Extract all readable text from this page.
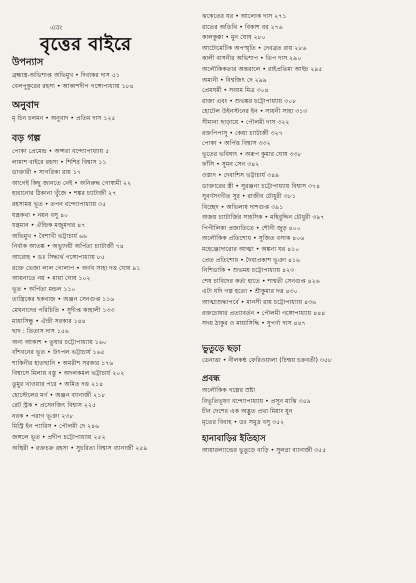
এবং
বৃত্তের বাইরে

উপন্যাস

ব্রহ্মাস্ত্র-অভিশাপ্ত অভিমুখ • দিবাকর দাস ৫১

বেলপুকুরের রহস্য • আকাশদীপ গঙ্গোপাধ্যায় ১৮৪

অনুবাদ

মৃ চিন চলমন • অনুবাদ • প্রতিম দাস ১২৫

বড় গল্প

পোকা প্রেমেন্দ্র • অপ্সরা বন্দ্যোপাধ্যায় ৫

লামাশ বাইরে রহস্য • শিশির বিশ্বাস ১১

ডাক্তারী • সাগরিকা রায় ১৭

আগেই কিছু জানতে নেই • অনিরুদ্ধ গোস্বামী ২২

হারানোর ঠিকানা খুঁজে • শঙ্কর চ্যাটার্জী ২৭

রহস্যময় ভূত • তপন বন্দ্যোপাধ্যায় ৩৫

যন্ত্রকথা • নয়ন বসু ৪০

যন্ত্রমান • ঐন্দ্রিক মজুমদার ৪৭

অভিমুখ • বৈশাখী ভট্টাচার্য ৬৬

নির্বাক আতঙ্ক • অভ্যুদয়ী অর্পিতা চ্যাটার্জী ৭৪

আরোহ • ডঃ সিদ্ধার্থ গঙ্গোপাধ্যায় ৮৫

রক্তে ভেজা লাল গোলাপ • অর্ণব সাহা দত্ত ঘোষ ৯১

আয়নাতে নয় • মায়া ঘোষ ১০২

ভূত • অর্পিতা মন্ডল ১১০

তান্ত্রিকের ছকবাজ • অঞ্জন সেনগুপ্ত ১১৬

মেঘনাদের পরিচিতি • সুদীপ্ত কাহালী ১৩৩

মায়াসিন্ধু • ঐন্দ্রী সরকার ১৪৪

ছাদ : তিতাস দাস ১৫৬

অন্য আকাশ • তুষার চট্টোপাধ্যায় ১৬০

বাঁশবনের ভূত • উৎপল ভট্টাচার্য ১৬৫

শাকিনীর হাতছানি • অমরীশ সরকার ১৭৬

বিশ্বাসে মিলায় বস্তু • অদলকমল ভট্টাচার্য ২০২

ডুমুর খাওয়ার পরে • অমিত দত্ত ২১৪

হোস্টেলের মর্গ • অঞ্জন ব্যানার্জী ২১৮

রেট স্ট্রক • প্রসেনজিৎ বিশ্বাস ২২৫

নরক • পরাগ ভূঞা ২৩৮

মিস্ট্রি ইন প্যারিস • পৌলমী দে ২৪৬

জঙ্গলে ভূত • প্রদীপ চট্টোপাধ্যায় ২৫২

অস্থিরী • রক্তচক্র রহস্য • সুচরিতা বিশ্বাস ব্যানার্জী ২৫৯

ঝকেতের ঘর • আলোক দাস ২৭১

রাতের অতিথি • বিকাশ বর ২৭৬

কালকুক্কা • মুন ঘোষ ২৮০

আটোমেটিক অপস্মৃতি • দেবব্রত রায় ২৮৬

কালী বাসনীর অভিশাপ • তিপ দাস ২৯০

অলৌকিকতার অন্তরালে • রাইপ্রতিমা আইচ ২৯৫

অমানী • বিশ্বজিৎ দে ২৯৯

প্রেমঘর্মী • সংযম মিত্র ৩০৪

রাজা এবং • শুভঙ্কর চট্টোপাধ্যায় ৩০৮

হোটেল উইনস্টনের ইন • সায়নী সাহা ৩১৩

সীমানা ছাড়ায়ে • পৌলমী দাস ৩২২

রক্তপিপাসু • কেয়া চ্যাটার্জী ৩২৭

পোকা • অর্পিত্ত বিশ্বাস ৩৩২

ভূতের ভবিষ্যৎ • অরূপ কুমার ঘোষ ৩৩৮

ফাঁসি • সুমন সেন ৩৪২

ওস্তাদ • দেবাশিস ভট্টাচার্য ৩৪৯

ডাক্তারের স্ত্রী • সুরঞ্জনা চট্টোপাধ্যায় বিশ্বাস ৩৭৪

সুবর্ণসংগীত সুর • রাজীব চৌধুরী ৩৮১

বিচ্ছেদ • অভিলাষ দাশগুপ্ত ৩৯১

অজয় চ্যাটার্জির সাহসিক • মহিবুদ্দিন চৌধুরী ৩৯৭

পিপীলিকা প্রজাতিতে • শৌনী জুড় ৪০০

অলৌকিক প্রতিশোধ • সুজিত বসাক ৪০৬

মহেঞ্জোদারোর আত্মা • অঙ্কনা ঘর ৪১০

প্রেত প্রতিশোধ • দৈবাপ্রকাশ ভূঞা ৪১৬

নিশিডাকি • শুভময় চট্টোপাধ্যায় ৪২৩

শেষ চাবিদের কর্তা হাতে • শাশ্বতী সেনগুপ্ত ৪২৬

এটা যদি গল্প হতো • শ্রীকুমার দত্ত ৪৩০

আত্মাশুদ্ধাপর্বে • মানসী রায় চট্টোপাধ্যায় ৪৩৬

রক্তচোষার প্রত্যাবর্তন • পৌলমী গঙ্গোপাধ্যায় ৪৪৪

সদয় ঠাকুর ও মায়াসিদ্ধি • সুপর্ণা দাস ৪৪৭

ভুতুড়ে ছড়া

ডেনাত্তা • নীলকন্ঠ ফেরিওয়ালা (চিন্ময় চক্রবর্তী) ৩৫৮

প্রবন্ধ

অলৌকিক গল্পের স্রষ্টা

বিভূতিভূষণ বন্দ্যোপাধ্যায় • প্রসূন মাঝি ৩৫৯

চীন দেশের এক অদ্ভুত প্রথা মিয়াং যুন

মৃতের বিবাহ • ডঃ সমুদ্র বসু ৩৫২

হানাবাড়ির ইতিহাস

আয়ারল্যান্ডের ভুতুড়ে বাড়ি • সুলগ্না ব্যানার্জী ৩৫৫
